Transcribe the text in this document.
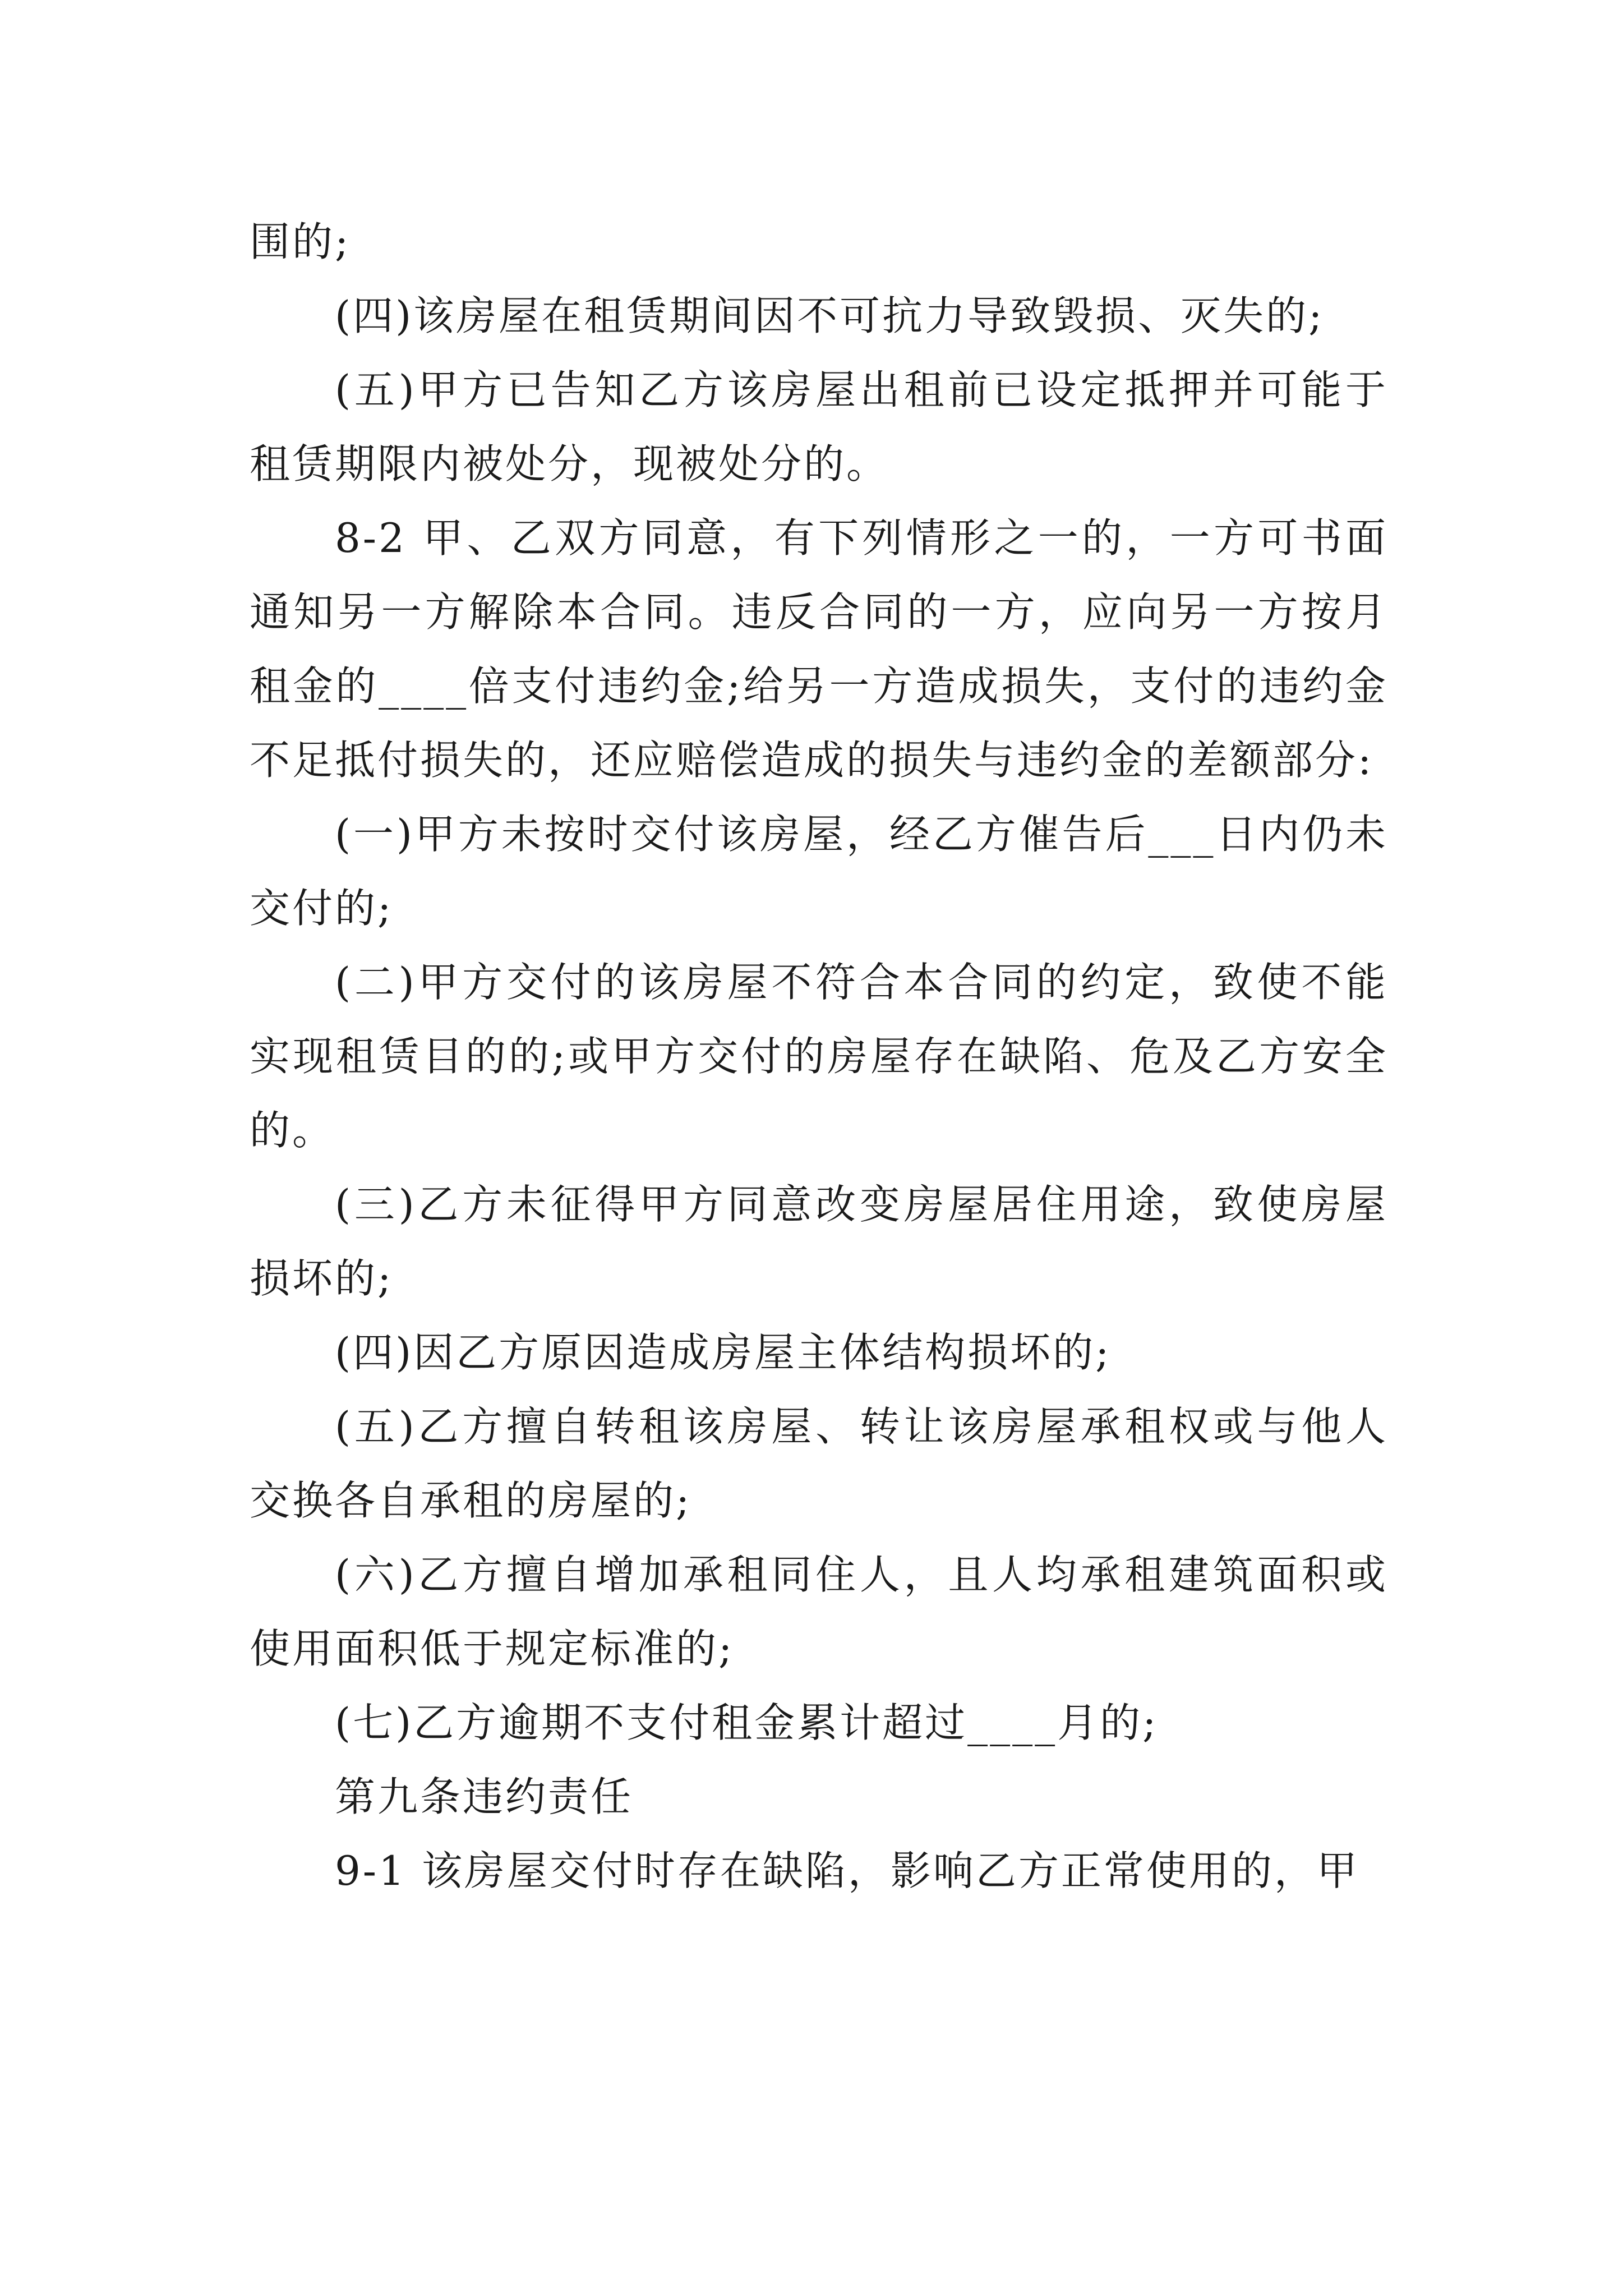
围的;

(四)该房屋在租赁期间因不可抗力导致毁损、灭失的;

(五)甲方已告知乙方该房屋出租前已设定抵押并可能于租赁期限内被处分，现被处分的。

8-2 甲、乙双方同意，有下列情形之一的，一方可书面通知另一方解除本合同。违反合同的一方，应向另一方按月租金的____倍支付违约金;给另一方造成损失，支付的违约金不足抵付损失的，还应赔偿造成的损失与违约金的差额部分:

(一)甲方未按时交付该房屋，经乙方催告后___日内仍未交付的;

(二)甲方交付的该房屋不符合本合同的约定，致使不能实现租赁目的的;或甲方交付的房屋存在缺陷、危及乙方安全的。

(三)乙方未征得甲方同意改变房屋居住用途，致使房屋损坏的;

(四)因乙方原因造成房屋主体结构损坏的;

(五)乙方擅自转租该房屋、转让该房屋承租权或与他人交换各自承租的房屋的;

(六)乙方擅自增加承租同住人，且人均承租建筑面积或使用面积低于规定标准的;

(七)乙方逾期不支付租金累计超过____月的;

第九条违约责任

9-1 该房屋交付时存在缺陷，影响乙方正常使用的，甲
